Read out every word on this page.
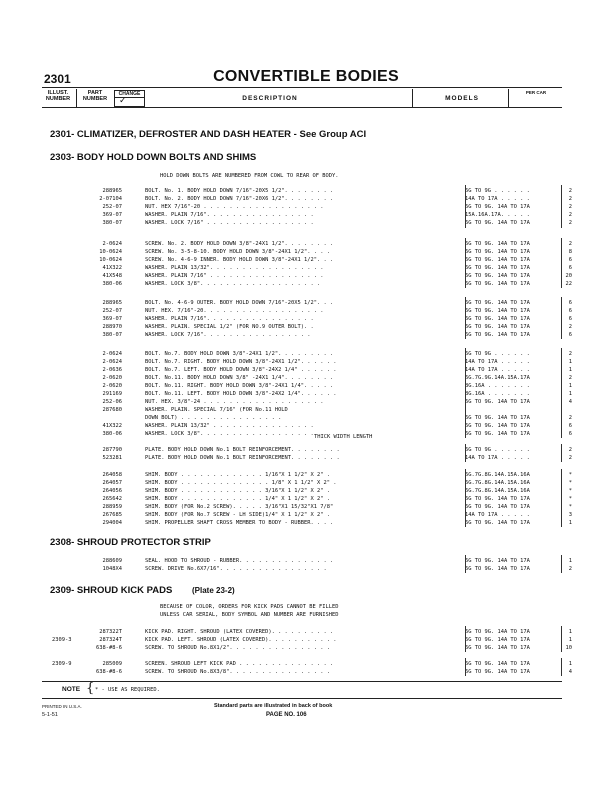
2301	CONVERTIBLE BODIES
ILLUST. NUMBER
PART NUMBER
CHANGE
✓	DESCRIPTION	MODELS
PER CAR
2301- CLIMATIZER, DEFROSTER AND DASH HEATER - See Group ACI
2303- BODY HOLD DOWN BOLTS AND SHIMS
HOLD DOWN BOLTS ARE NUMBERED FROM COWL TO REAR OF BODY.
THICK WIDTH LENGTH
2308- SHROUD PROTECTOR STRIP
2309- SHROUD KICK PADS (Plate 23-2)
BECAUSE OF COLOR, ORDERS FOR KICK PADS CANNOT BE FILLED
UNLESS CAR SERIAL, BODY SYMBOL AND NUMBER ARE FURNISHED
288965	BOLT. No. 1. BODY HOLD DOWN 7/16"-20X5 1/2". . . . . . . .	6G TO 9G . . . . . .	2
2-07104	BOLT. No. 2. BODY HOLD DOWN 7/16"-20X6 1/2". . . . . . . .	14A TO 17A . . . . .	2
252-07	NUT. HEX 7/16"-20 . . . . . . . . . . . . . . . . . . .	6G TO 9G. 14A TO 17A	2
369-07	WASHER. PLAIN 7/16". . . . . . . . . . . . . . . . .	15A.16A.17A. . . . .	2
380-07	WASHER. LOCK 7/16" . . . . . . . . . . . . . . . . .	6G TO 9G. 14A TO 17A	2
2-0624	SCREW. No. 2. BODY HOLD DOWN 3/8"-24X1 1/2". . . . . . . .	6G TO 9G. 14A TO 17A	2
10-0624	SCREW. No. 3-5-8-10. BODY HOLD DOWN 3/8"-24X1 1/2". . . .	6G TO 9G. 14A TO 17A	8
10-0624	SCREW. No. 4-6-9 INNER. BODY HOLD DOWN 3/8"-24X1 1/2". . .	6G TO 9G. 14A TO 17A	6
41X322	WASHER. PLAIN 13/32". . . . . . . . . . . . . . . . . .	6G TO 9G. 14A TO 17A	6
41X548	WASHER. PLAIN 7/16" . . . . . . . . . . . . . . . . . .	6G TO 9G. 14A TO 17A	20
380-06	WASHER. LOCK 3/8". . . . . . . . . . . . . . . . . . .	6G TO 9G. 14A TO 17A	22
288965	BOLT. No. 4-6-9 OUTER. BODY HOLD DOWN 7/16"-20X5 1/2". . .	6G TO 9G. 14A TO 17A	6
252-07	NUT. HEX. 7/16"-20. . . . . . . . . . . . . . . . . . .	6G TO 9G. 14A TO 17A	6
369-07	WASHER. PLAIN 7/16". . . . . . . . . . . . . . . . .	6G TO 9G. 14A TO 17A	6
288970	WASHER. PLAIN. SPECIAL 1/2" (FOR NO.9 OUTER BOLT). .	6G TO 9G. 14A TO 17A	2
380-07	WASHER. LOCK 7/16". . . . . . . . . . . . . . . . .	6G TO 9G. 14A TO 17A	6
2-0624	BOLT. No.7. BODY HOLD DOWN 3/8"-24X1 1/2". . . . . . . . .	6G TO 9G . . . . . .	2
2-0624	BOLT. No.7. RIGHT. BODY HOLD DOWN 3/8"-24X1 1/2". . . . . .	14A TO 17A . . . . .	1
2-0636	BOLT. No.7. LEFT. BODY HOLD DOWN 3/8"-24X2 1/4" . . . . . .	14A TO 17A . . . . .	1
2-0620	BOLT. No.11. BODY HOLD DOWN 3/8" -24X1 1/4". . . . . . . .	6G.7G.9G.14A.15A.17A	2
2-0620	BOLT. No.11. RIGHT. BODY HOLD DOWN 3/8"-24X1 1/4". . . . .	8G.16A . . . . . . .	1
291169	BOLT. No.11. LEFT. BODY HOLD DOWN 3/8"-24X2 1/4". . . . . .	8G.16A . . . . . . .	1
252-06	NUT. HEX. 3/8"-24 . . . . . . . . . . . . . . . . . . .	6G TO 9G. 14A TO 17A	4
287680	WASHER. PLAIN. SPECIAL 7/16" (FOR No.11 HOLD
DOWN BOLT) . . . . . . . . . . . . . . . .	6G TO 9G. 14A TO 17A	2
41X322	WASHER. PLAIN 13/32" . . . . . . . . . . . . . . . .	6G TO 9G. 14A TO 17A	6
380-06	WASHER. LOCK 3/8". . . . . . . . . . . . . . . . . .	6G TO 9G. 14A TO 17A	6
287790	PLATE. BODY HOLD DOWN No.1 BOLT REINFORCEMENT. . . . . . . .	6G TO 9G . . . . . .	2
523281	PLATE. BODY HOLD DOWN No.1 BOLT REINFORCEMENT. . . . . . . .	14A TO 17A . . . . .	2
264058	SHIM. BODY . . . . . . . . . . . . . 1/16"X 1 1/2" X 2" .	6G.7G.8G.14A.15A.16A	*
264057	SHIM. BODY . . . . . . . . . . . . . . 1/8" X 1 1/2" X 2" .	6G.7G.8G.14A.15A.16A	*
264056	SHIM. BODY . . . . . . . . . . . . . 3/16"X 1 1/2" X 2" .	6G.7G.8G.14A.15A.16A	*
265642	SHIM. BODY . . . . . . . . . . . . . 1/4" X 1 1/2" X 2" .	6G TO 9G. 14A TO 17A	*
288959	SHIM. BODY (FOR No.2 SCREW). . . . . 3/16"X1 15/32"X1 7/8"	6G TO 9G. 14A TO 17A	*
267685	SHIM. BODY (FOR No.7 SCREW - LH SIDE)1/4" X 1 1/2" X 2" .	14A TO 17A . . . . .	3
294004	SHIM. PROPELLER SHAFT CROSS MEMBER TO BODY - RUBBER. . . .	6G TO 9G. 14A TO 17A	1
288609	SEAL. HOOD TO SHROUD - RUBBER. . . . . . . . . . . . . . .	6G TO 9G. 14A TO 17A	1
1048X4	SCREW. DRIVE No.6X7/16". . . . . . . . . . . . . . . . .	6G TO 9G. 14A TO 17A	2
287322T	KICK PAD. RIGHT. SHROUD (LATEX COVERED). . . . . . . . . .	6G TO 9G. 14A TO 17A	1
2309-3	287324T	KICK PAD. LEFT. SHROUD (LATEX COVERED). . . . . . . . . . .	6G TO 9G. 14A TO 17A	1
638-#8-6	SCREW. TO SHROUD No.8X1/2". . . . . . . . . . . . . . . .	6G TO 9G. 14A TO 17A	10
2309-9	285009	SCREEN. SHROUD LEFT KICK PAD . . . . . . . . . . . . . . .	6G TO 9G. 14A TO 17A	1
638-#8-6	SCREW. TO SHROUD No.8X3/8". . . . . . . . . . . . . . . .	6G TO 9G. 14A TO 17A	4
NOTE { * - USE AS REQUIRED.
PRINTED IN U.S.A.
5-1-51
Standard parts are illustrated in back of book
PAGE NO. 106
